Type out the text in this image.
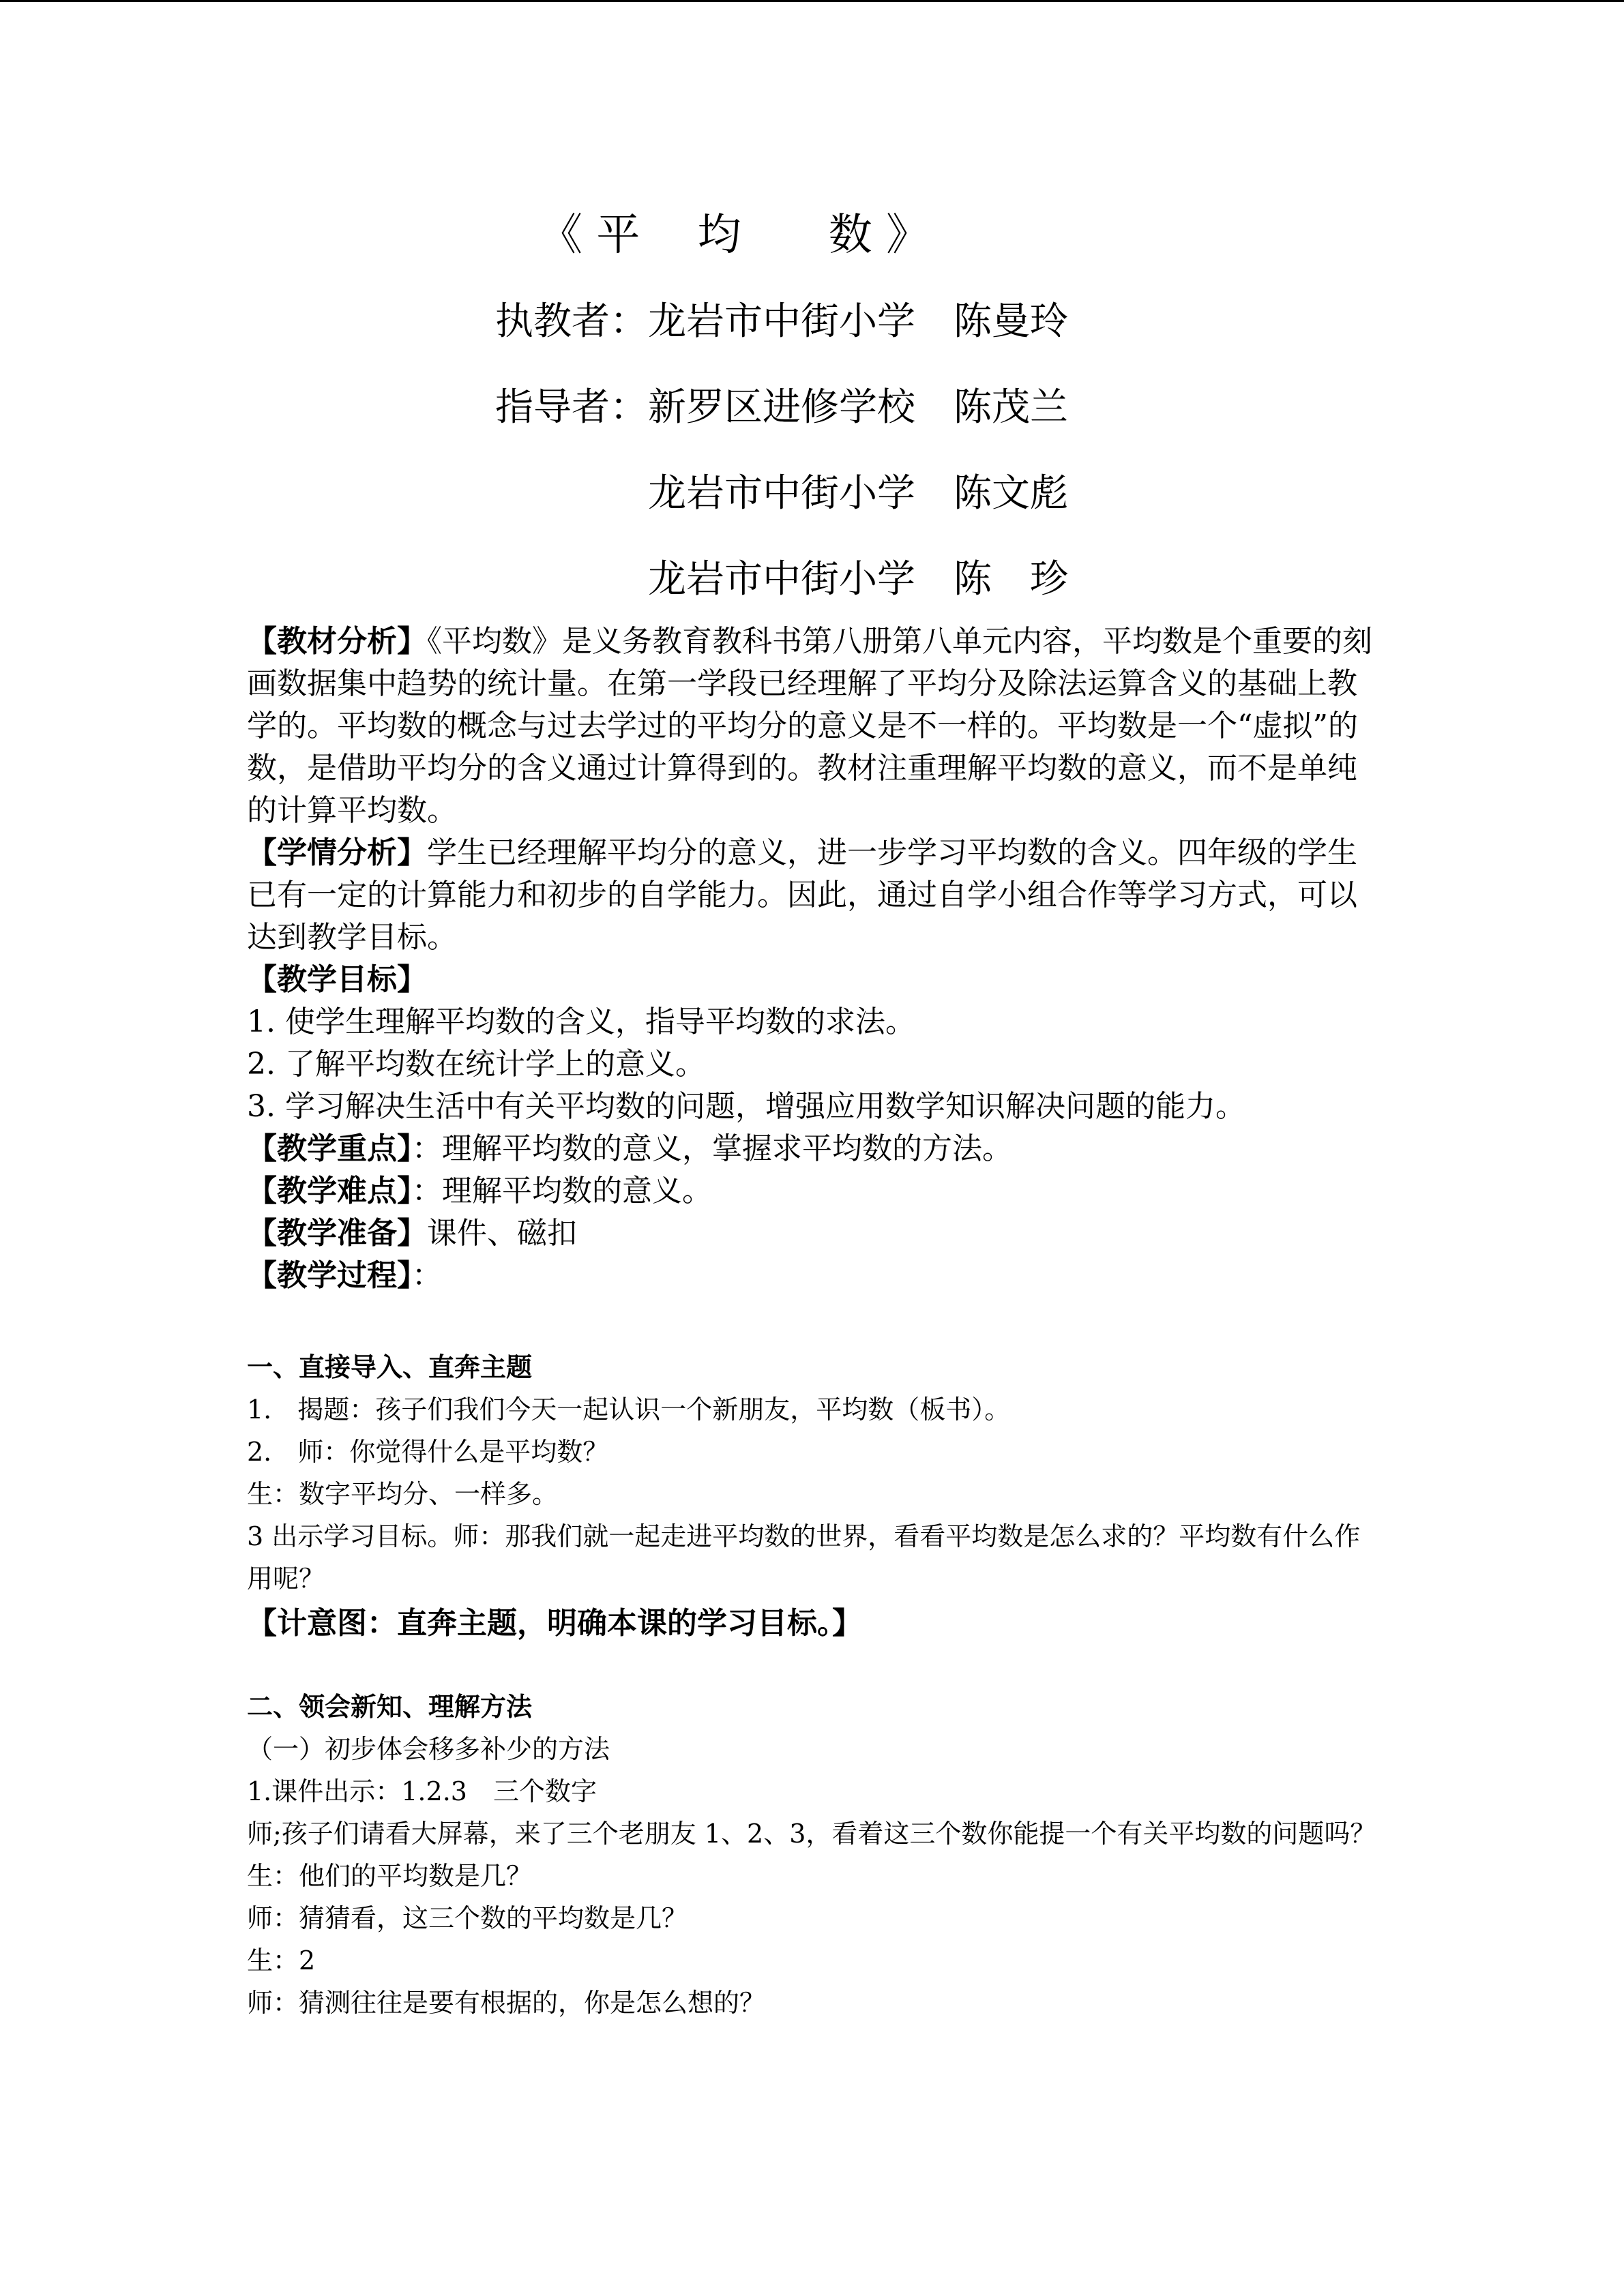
《 平　 均　　数 》
执教者：龙岩市中街小学　 陈曼玲
指导者：新罗区进修学校　 陈茂兰
龙岩市中街小学　 陈文彪
龙岩市中街小学　 陈　珍

【教材分析】《平均数》是义务教育教科书第八册第八单元内容，平均数是个重要的刻画数据集中趋势的统计量。在第一学段已经理解了平均分及除法运算含义的基础上教学的。平均数的概念与过去学过的平均分的意义是不一样的。平均数是一个“虚拟”的数，是借助平均分的含义通过计算得到的。教材注重理解平均数的意义，而不是单纯的计算平均数。

【学情分析】学生已经理解平均分的意义，进一步学习平均数的含义。四年级的学生已有一定的计算能力和初步的自学能力。因此，通过自学小组合作等学习方式，可以达到教学目标。

【教学目标】

1. 使学生理解平均数的含义，指导平均数的求法。

2. 了解平均数在统计学上的意义。

3. 学习解决生活中有关平均数的问题，增强应用数学知识解决问题的能力。

【教学重点】：理解平均数的意义，掌握求平均数的方法。

【教学难点】：理解平均数的意义。

【教学准备】课件、磁扣

【教学过程】：

一、直接导入、直奔主题

1.　揭题：孩子们我们今天一起认识一个新朋友，平均数（板书）。

2.　师：你觉得什么是平均数？

生：数字平均分、一样多。

3 出示学习目标。师：那我们就一起走进平均数的世界，看看平均数是怎么求的？平均数有什么作用呢？

【计意图：直奔主题，明确本课的学习目标。】

二、领会新知、理解方法

（一）初步体会移多补少的方法

1.课件出示：1.2.3　三个数字

师;孩子们请看大屏幕，来了三个老朋友 1、2、3，看着这三个数你能提一个有关平均数的问题吗？

生：他们的平均数是几？

师：猜猜看，这三个数的平均数是几？

生：2

师：猜测往往是要有根据的，你是怎么想的？
